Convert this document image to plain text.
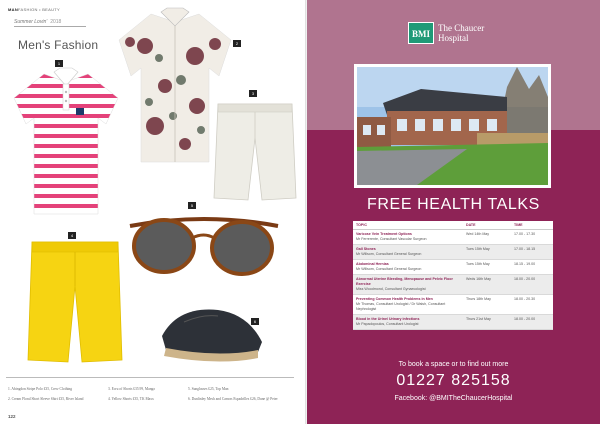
MANFASHION • BEAUTY
Summer Lovin' 2018
Men's Fashion
1
2
3
4
5
6
1. Abingdon Stripe Polo £35, Crew Clothing
2. Cream Floral Short Sleeve Shirt £35, River Island
3. Ecru of Shorts £35.99, Mango
4. Yellow Shorts £35, TK Maxx
5. Sunglasses £25, Top Man
6. Dunlinley Mesh and Canvas Espadrilles £26, Dune @ Peter
122
BMI
The Chaucer
Hospital
FREE HEALTH TALKS
TOPIC	DATE	TIME

Varicose Vein Treatment Options
Mr Ferrerente, Consultant Vascular Surgeon	Wed 14th May	17.00 - 17.30

Gall Stones
Mr Willsom, Consultant General Surgeon	Tues 15th May	17.00 - 18.15

Abdominal Hernias
Mr Willsom, Consultant General Surgeon	Tues 15th May	18.15 - 19.00

Abnormal Uterine Bleeding, Menopause and Pelvic Floor Exercise
Miss Woodmond, Consultant Gynaecologist	Weds 16th May	18.00 - 20.00

Preventing Common Health Problems in Men
Mr Thomas, Consultant Urologist / Dr Walsh, Consultant Nephrologist	Thurs 18th May	18.00 - 20.30

Blood in the Urine/ Urinary infections
Mr Papadopoulos, Consultant Urologist	Thurs 21st May	18.00 - 20.00
To book a space or to find out more
01227 825158
Facebook: @BMITheChaucerHospital
